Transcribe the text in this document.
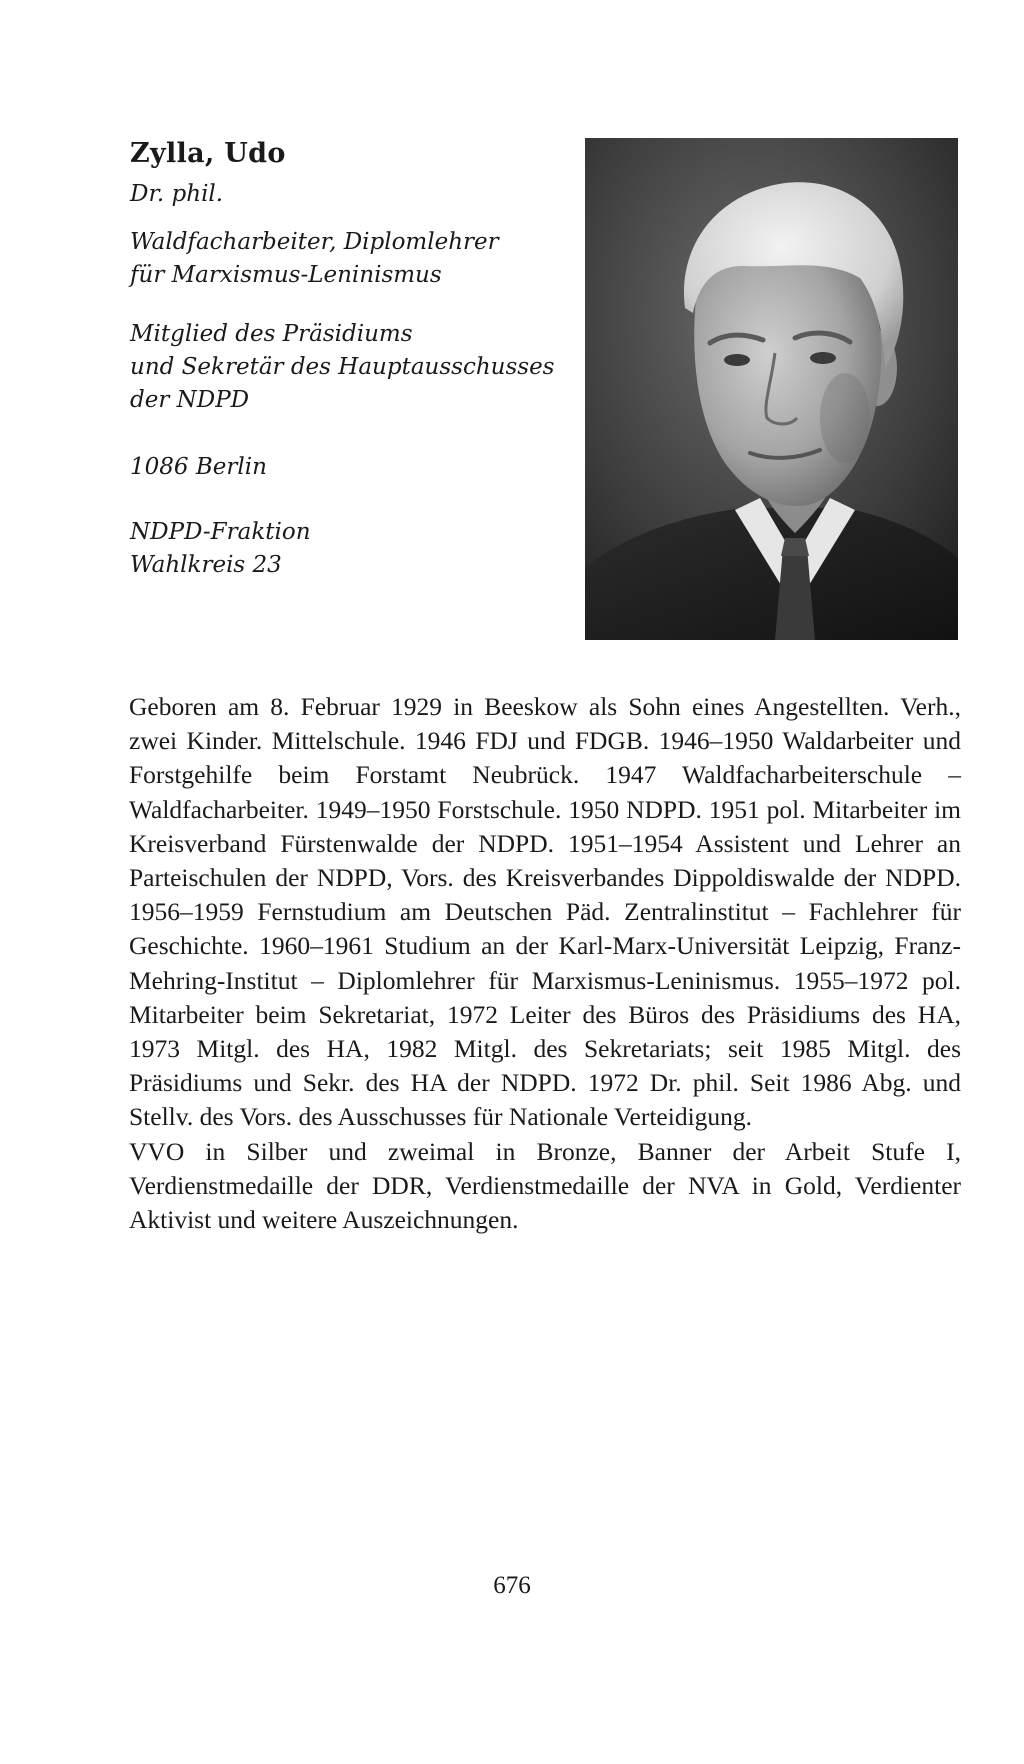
Zylla, Udo
Dr. phil.
Waldfacharbeiter, Diplomlehrer
für Marxismus-Leninismus
Mitglied des Präsidiums
und Sekretär des Hauptausschusses
der NDPD
1086 Berlin
NDPD-Fraktion
Wahlkreis 23

Geboren am 8. Februar 1929 in Beeskow als Sohn eines Angestellten. Verh., zwei Kinder. Mittelschule. 1946 FDJ und FDGB. 1946–1950 Waldarbeiter und Forstgehilfe beim Forstamt Neubrück. 1947 Waldfacharbeiterschule – Waldfacharbeiter. 1949–1950 Forstschule. 1950 NDPD. 1951 pol. Mitarbeiter im Kreisverband Fürstenwalde der NDPD. 1951–1954 Assistent und Lehrer an Parteischulen der NDPD, Vors. des Kreisverbandes Dippoldiswalde der NDPD. 1956–1959 Fernstudium am Deutschen Päd. Zentralinstitut – Fachlehrer für Geschichte. 1960–1961 Studium an der Karl-Marx-Universität Leipzig, Franz-Mehring-Institut – Diplomlehrer für Marxismus-Leninismus. 1955–1972 pol. Mitarbeiter beim Sekretariat, 1972 Leiter des Büros des Präsidiums des HA, 1973 Mitgl. des HA, 1982 Mitgl. des Sekretariats; seit 1985 Mitgl. des Präsidiums und Sekr. des HA der NDPD. 1972 Dr. phil. Seit 1986 Abg. und Stellv. des Vors. des Ausschusses für Nationale Verteidigung.

VVO in Silber und zweimal in Bronze, Banner der Arbeit Stufe I, Verdienstmedaille der DDR, Verdienstmedaille der NVA in Gold, Verdienter Aktivist und weitere Auszeichnungen.

676
